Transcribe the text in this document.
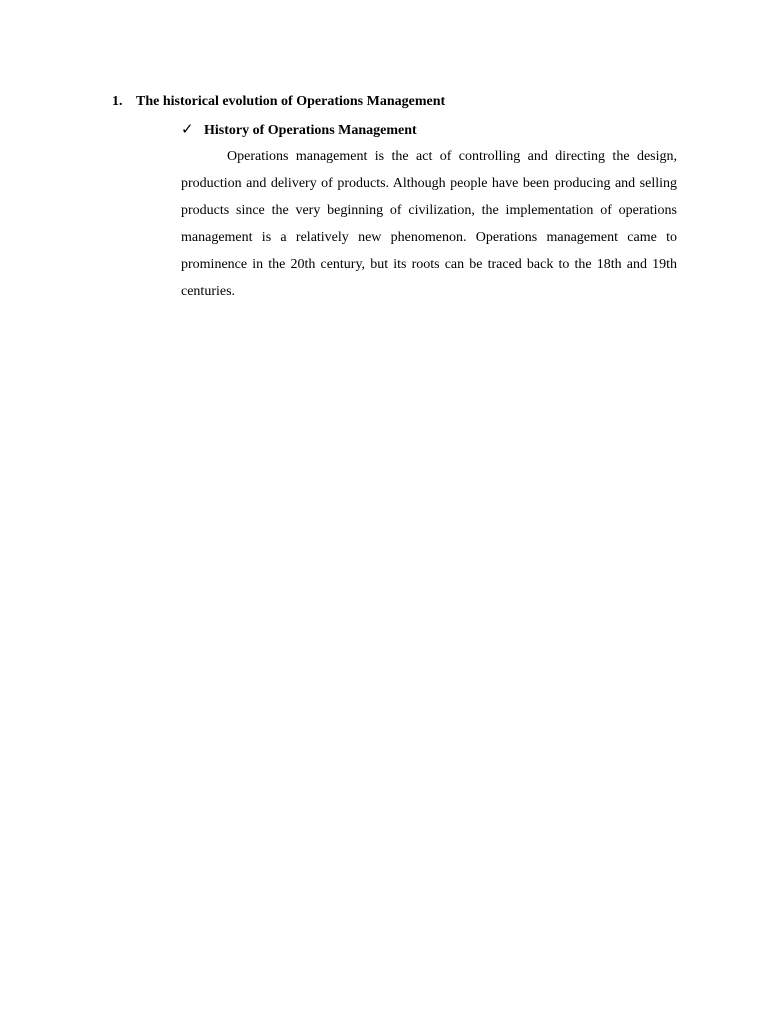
1. The historical evolution of Operations Management
✓ History of Operations Management

Operations management is the act of controlling and directing the design, production and delivery of products. Although people have been producing and selling products since the very beginning of civilization, the implementation of operations management is a relatively new phenomenon. Operations management came to prominence in the 20th century, but its roots can be traced back to the 18th and 19th centuries.
